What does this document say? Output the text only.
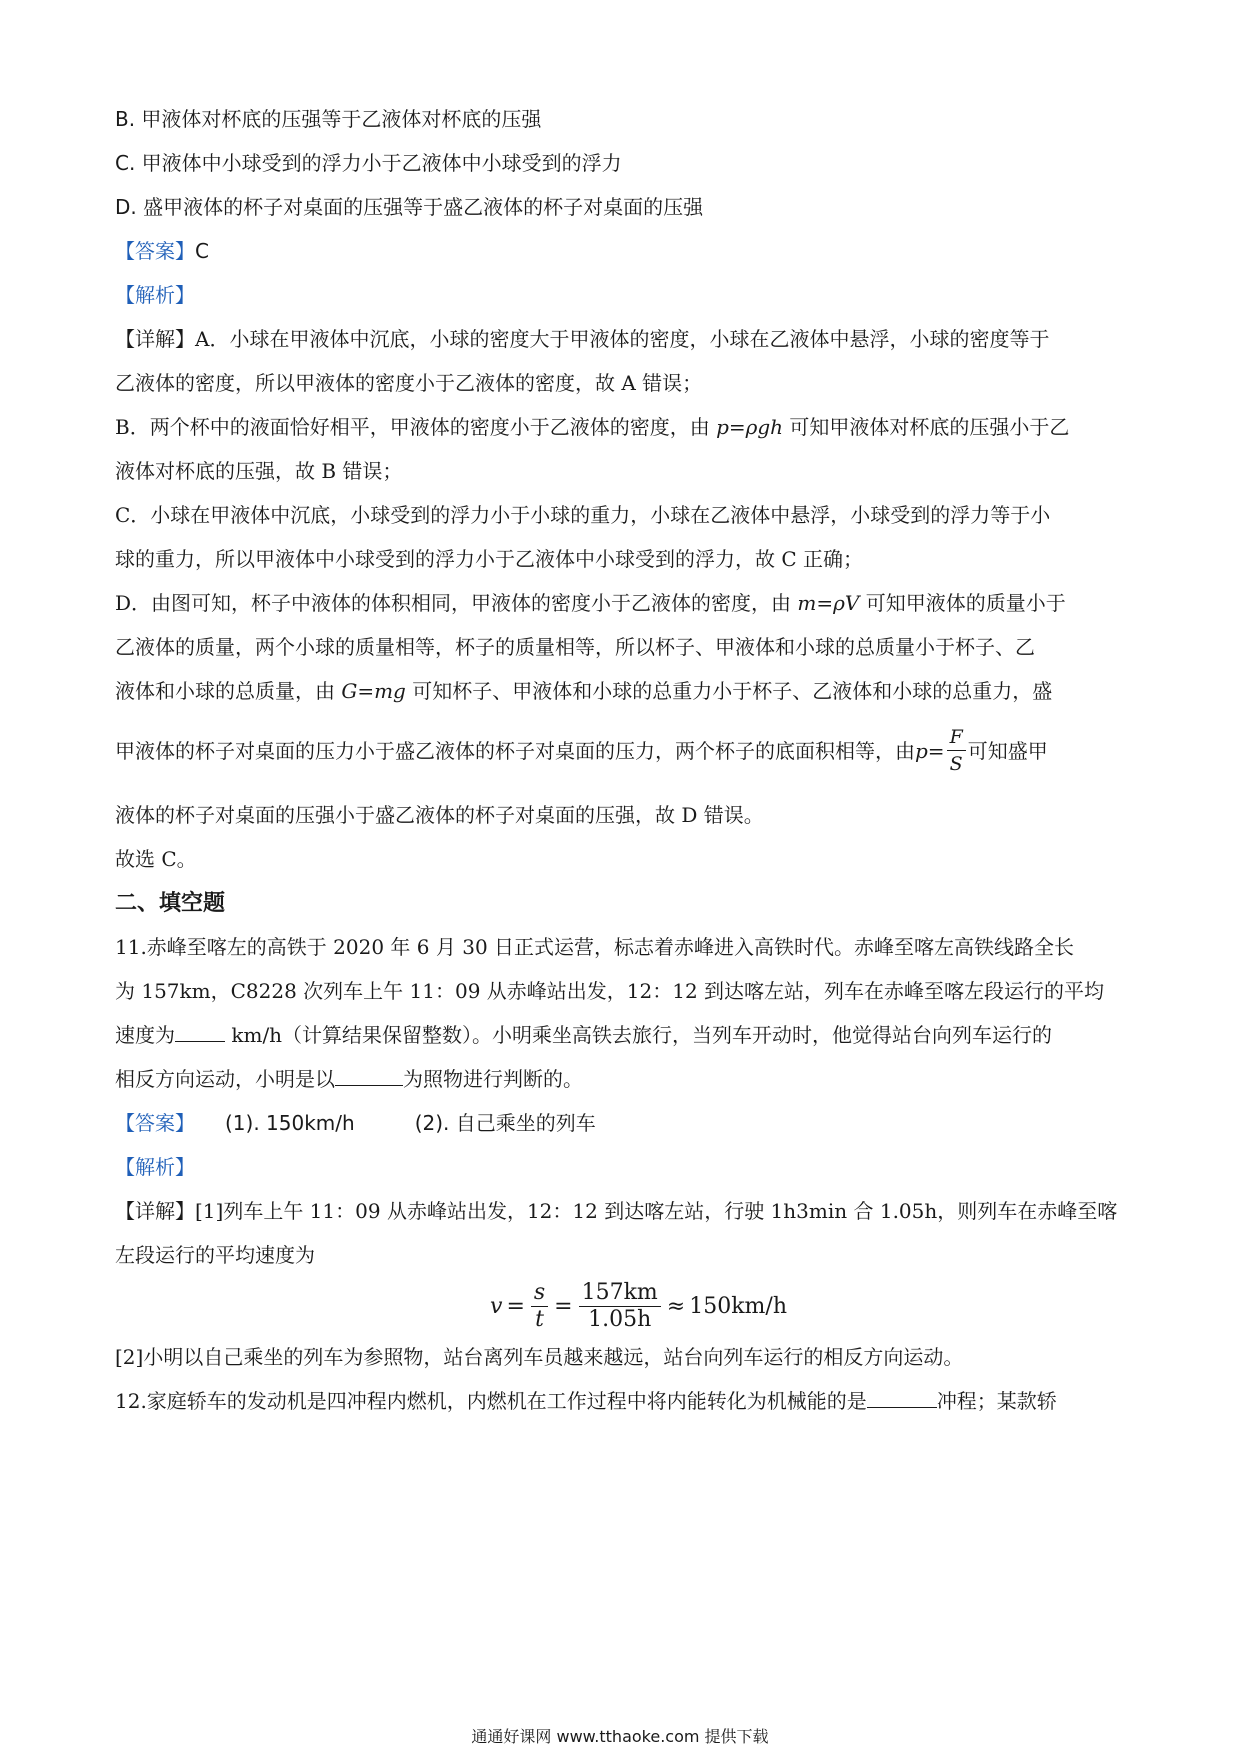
B. 甲液体对杯底的压强等于乙液体对杯底的压强
C. 甲液体中小球受到的浮力小于乙液体中小球受到的浮力
D. 盛甲液体的杯子对桌面的压强等于盛乙液体的杯子对桌面的压强
【答案】C
【解析】
【详解】A．小球在甲液体中沉底，小球的密度大于甲液体的密度，小球在乙液体中悬浮，小球的密度等于
乙液体的密度，所以甲液体的密度小于乙液体的密度，故 A 错误；
B．两个杯中的液面恰好相平，甲液体的密度小于乙液体的密度，由 p=ρgh 可知甲液体对杯底的压强小于乙
液体对杯底的压强，故 B 错误；
C．小球在甲液体中沉底，小球受到的浮力小于小球的重力，小球在乙液体中悬浮，小球受到的浮力等于小
球的重力，所以甲液体中小球受到的浮力小于乙液体中小球受到的浮力，故 C 正确；
D．由图可知，杯子中液体的体积相同，甲液体的密度小于乙液体的密度，由 m=ρV 可知甲液体的质量小于
乙液体的质量，两个小球的质量相等，杯子的质量相等，所以杯子、甲液体和小球的总质量小于杯子、乙
液体和小球的总质量，由 G=mg 可知杯子、甲液体和小球的总重力小于杯子、乙液体和小球的总重力，盛
甲液体的杯子对桌面的压力小于盛乙液体的杯子对桌面的压力，两个杯子的底面积相等，由 $p= \frac{F}{S}$ 可知盛甲
液体的杯子对桌面的压强小于盛乙液体的杯子对桌面的压强，故 D 错误。
故选 C。
二、填空题
11.赤峰至喀左的高铁于 2020 年 6 月 30 日正式运营，标志着赤峰进入高铁时代。赤峰至喀左高铁线路全长
为 157km，C8228 次列车上午 11：09 从赤峰站出发，12：12 到达喀左站，列车在赤峰至喀左段运行的平均
速度为	km/h（计算结果保留整数）。小明乘坐高铁去旅行，当列车开动时，他觉得站台向列车运行的
相反方向运动，小明是以	为照物进行判断的。
【答案】 (1). 150km/h	(2). 自己乘坐的列车
【解析】
【详解】[1]列车上午 11：09 从赤峰站出发，12：12 到达喀左站，行驶 1h3min 合 1.05h，则列车在赤峰至喀
左段运行的平均速度为
$v = \frac{s}{t} = \frac{157km}{1.05h} \approx 150km/h$
[2]小明以自己乘坐的列车为参照物，站台离列车员越来越远，站台向列车运行的相反方向运动。
12.家庭轿车的发动机是四冲程内燃机，内燃机在工作过程中将内能转化为机械能的是	冲程；某款轿
通通好课网 www.tthaoke.com 提供下载
